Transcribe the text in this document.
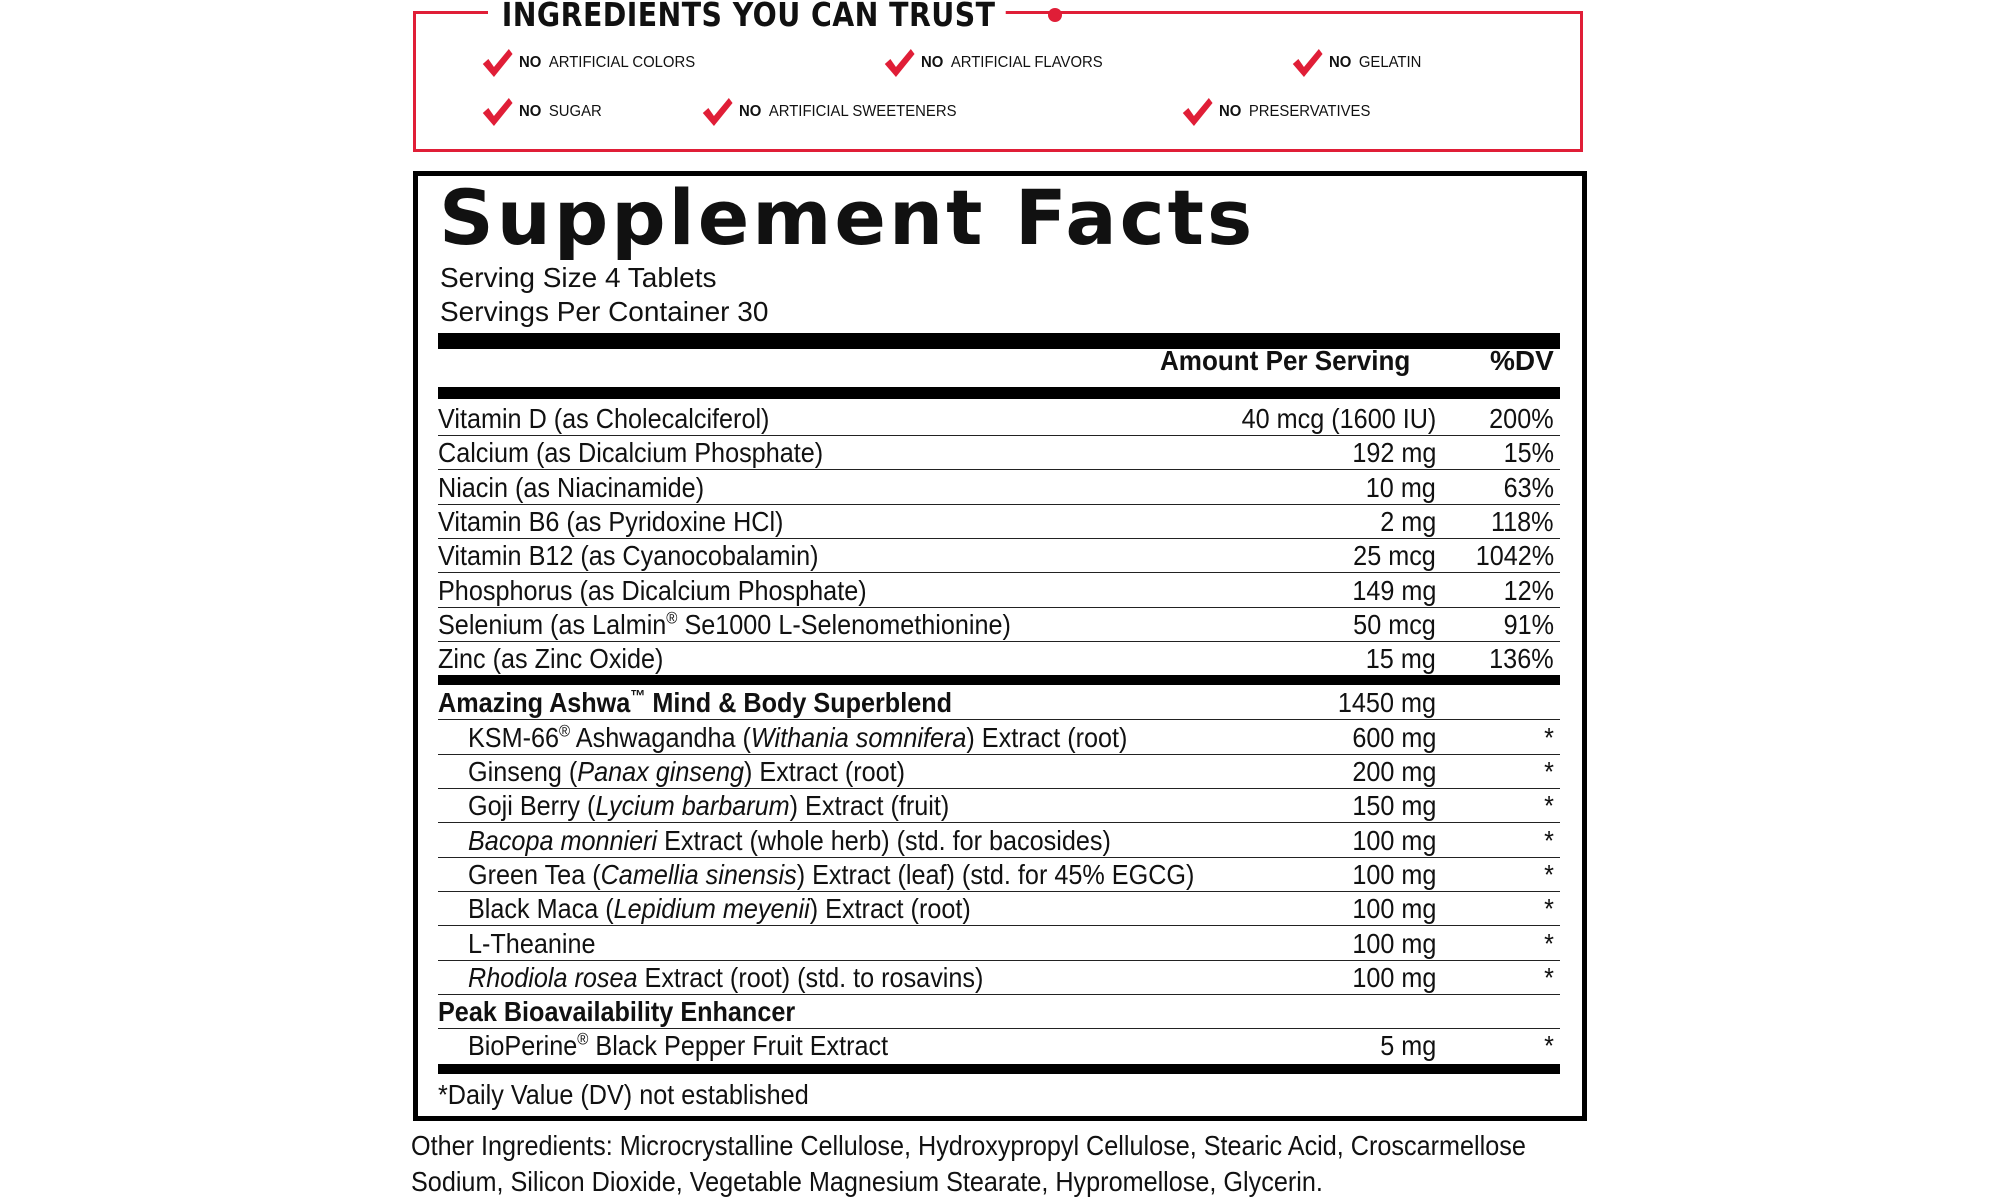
INGREDIENTS YOU CAN TRUST
NO ARTIFICIAL COLORS	NO ARTIFICIAL FLAVORS	NO GELATIN
NO SUGAR	NO ARTIFICIAL SWEETENERS	NO PRESERVATIVES
Supplement Facts
Serving Size 4 Tablets
Servings Per Container 30
Amount Per Serving	%DV
Vitamin D (as Cholecalciferol)	40 mcg (1600 IU) 200%
Calcium (as Dicalcium Phosphate)	192 mg 15%
Niacin (as Niacinamide)	10 mg 63%
Vitamin B6 (as Pyridoxine HCl)	2 mg 118%
Vitamin B12 (as Cyanocobalamin)	25 mcg 1042%
Phosphorus (as Dicalcium Phosphate)	149 mg 12%
Selenium (as Lalmin® Se1000 L-Selenomethionine)	50 mcg 91%
Zinc (as Zinc Oxide)	15 mg 136%
Amazing Ashwa™ Mind & Body Superblend	1450 mg
KSM-66® Ashwagandha (Withania somnifera) Extract (root)	600 mg	*
Ginseng (Panax ginseng) Extract (root)	200 mg	*
Goji Berry (Lycium barbarum) Extract (fruit)	150 mg	*
Bacopa monnieri Extract (whole herb) (std. for bacosides)	100 mg	*
Green Tea (Camellia sinensis) Extract (leaf) (std. for 45% EGCG)	100 mg	*
Black Maca (Lepidium meyenii) Extract (root)	100 mg	*
L-Theanine	100 mg	*
Rhodiola rosea Extract (root) (std. to rosavins)	100 mg	*
Peak Bioavailability Enhancer
BioPerine® Black Pepper Fruit Extract	5 mg	*
*Daily Value (DV) not established
Other Ingredients: Microcrystalline Cellulose, Hydroxypropyl Cellulose, Stearic Acid, Croscarmellose
Sodium, Silicon Dioxide, Vegetable Magnesium Stearate, Hypromellose, Glycerin.
